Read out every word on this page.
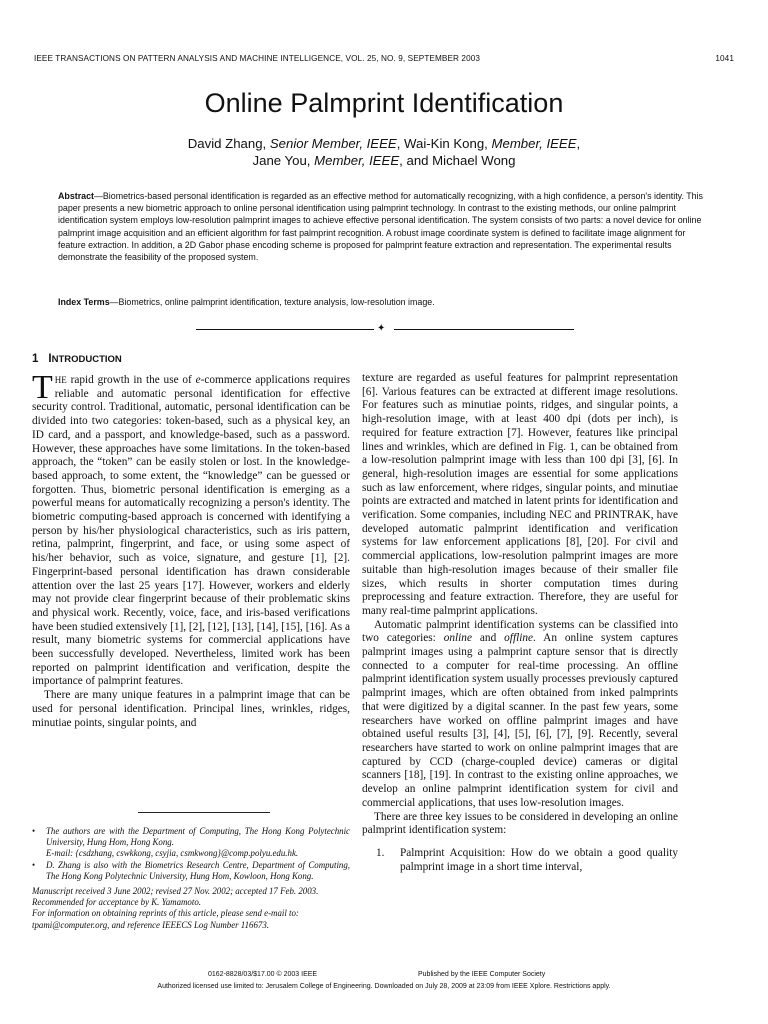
IEEE TRANSACTIONS ON PATTERN ANALYSIS AND MACHINE INTELLIGENCE, VOL. 25, NO. 9, SEPTEMBER 2003	1041
Online Palmprint Identification
David Zhang, Senior Member, IEEE, Wai-Kin Kong, Member, IEEE,
Jane You, Member, IEEE, and Michael Wong
Abstract—Biometrics-based personal identification is regarded as an effective method for automatically recognizing, with a high confidence, a person's identity. This paper presents a new biometric approach to online personal identification using palmprint technology. In contrast to the existing methods, our online palmprint identification system employs low-resolution palmprint images to achieve effective personal identification. The system consists of two parts: a novel device for online palmprint image acquisition and an efficient algorithm for fast palmprint recognition. A robust image coordinate system is defined to facilitate image alignment for feature extraction. In addition, a 2D Gabor phase encoding scheme is proposed for palmprint feature extraction and representation. The experimental results demonstrate the feasibility of the proposed system.
Index Terms—Biometrics, online palmprint identification, texture analysis, low-resolution image.
✦
1 INTRODUCTION

THE rapid growth in the use of e-commerce applications requires reliable and automatic personal identification for effective security control. Traditional, automatic, personal identification can be divided into two categories: token-based, such as a physical key, an ID card, and a passport, and knowledge-based, such as a password. However, these approaches have some limitations. In the token-based approach, the “token” can be easily stolen or lost. In the knowledge-based approach, to some extent, the “knowledge” can be guessed or forgotten. Thus, biometric personal identification is emerging as a powerful means for automatically recognizing a person's identity. The biometric computing-based approach is concerned with identifying a person by his/her physiological characteristics, such as iris pattern, retina, palmprint, fingerprint, and face, or using some aspect of his/her behavior, such as voice, signature, and gesture [1], [2]. Fingerprint-based personal identification has drawn considerable attention over the last 25 years [17]. However, workers and elderly may not provide clear fingerprint because of their problematic skins and physical work. Recently, voice, face, and iris-based verifications have been studied extensively [1], [2], [12], [13], [14], [15], [16]. As a result, many biometric systems for commercial applications have been successfully developed. Nevertheless, limited work has been reported on palmprint identification and verification, despite the importance of palmprint features.

There are many unique features in a palmprint image that can be used for personal identification. Principal lines, wrinkles, ridges, minutiae points, singular points, and

• The authors are with the Department of Computing, The Hong Kong Polytechnic University, Hung Hom, Hong Kong.
E-mail: {csdzhang, cswkkong, csyjia, csmkwong}@comp.polyu.edu.hk.
• D. Zhang is also with the Biometrics Research Centre, Department of Computing, The Hong Kong Polytechnic University, Hung Hom, Kowloon, Hong Kong.
Manuscript received 3 June 2002; revised 27 Nov. 2002; accepted 17 Feb. 2003.
Recommended for acceptance by K. Yamamoto.
For information on obtaining reprints of this article, please send e-mail to: tpami@computer.org, and reference IEEECS Log Number 116673.

texture are regarded as useful features for palmprint representation [6]. Various features can be extracted at different image resolutions. For features such as minutiae points, ridges, and singular points, a high-resolution image, with at least 400 dpi (dots per inch), is required for feature extraction [7]. However, features like principal lines and wrinkles, which are defined in Fig. 1, can be obtained from a low-resolution palmprint image with less than 100 dpi [3], [6]. In general, high-resolution images are essential for some applications such as law enforcement, where ridges, singular points, and minutiae points are extracted and matched in latent prints for identification and verification. Some companies, including NEC and PRINTRAK, have developed automatic palmprint identification and verification systems for law enforcement applications [8], [20]. For civil and commercial applications, low-resolution palmprint images are more suitable than high-resolution images because of their smaller file sizes, which results in shorter computation times during preprocessing and feature extraction. Therefore, they are useful for many real-time palmprint applications.

Automatic palmprint identification systems can be classified into two categories: online and offline. An online system captures palmprint images using a palmprint capture sensor that is directly connected to a computer for real-time processing. An offline palmprint identification system usually processes previously captured palmprint images, which are often obtained from inked palmprints that were digitized by a digital scanner. In the past few years, some researchers have worked on offline palmprint images and have obtained useful results [3], [4], [5], [6], [7], [9]. Recently, several researchers have started to work on online palmprint images that are captured by CCD (charge-coupled device) cameras or digital scanners [18], [19]. In contrast to the existing online approaches, we develop an online palmprint identification system for civil and commercial applications, that uses low-resolution images.

There are three key issues to be considered in developing an online palmprint identification system:

1. Palmprint Acquisition: How do we obtain a good quality palmprint image in a short time interval,

0162-8828/03/$17.00 © 2003 IEEE	Published by the IEEE Computer Society
Authorized licensed use limited to: Jerusalem College of Engineering. Downloaded on July 28, 2009 at 23:09 from IEEE Xplore. Restrictions apply.
